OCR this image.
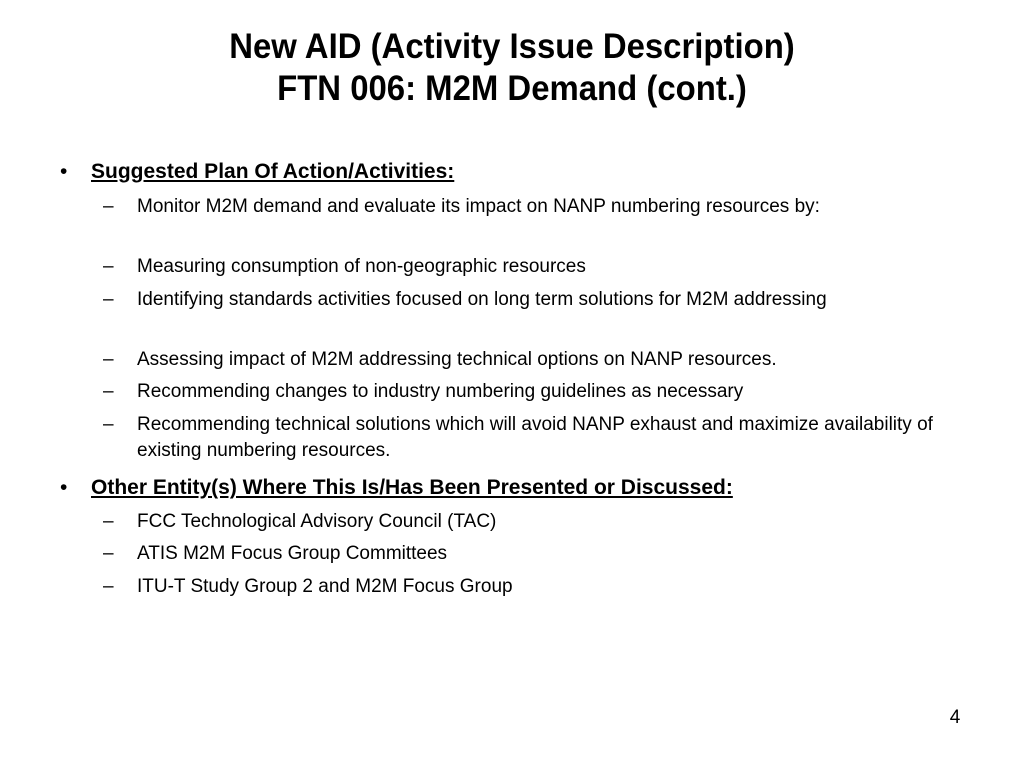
New AID (Activity Issue Description)
FTN 006: M2M Demand (cont.)
• Suggested Plan Of Action/Activities:
– Monitor M2M demand and evaluate its impact on NANP numbering resources by:
– Measuring consumption of non-geographic resources
– Identifying standards activities focused on long term solutions for M2M addressing
– Assessing impact of M2M addressing technical options on NANP resources.
– Recommending changes to industry numbering guidelines as necessary
– Recommending technical solutions which will avoid NANP exhaust and maximize availability of existing numbering resources.
• Other Entity(s) Where This Is/Has Been Presented or Discussed:
– FCC Technological Advisory Council (TAC)
– ATIS M2M Focus Group Committees
– ITU-T Study Group 2 and M2M Focus Group
4
